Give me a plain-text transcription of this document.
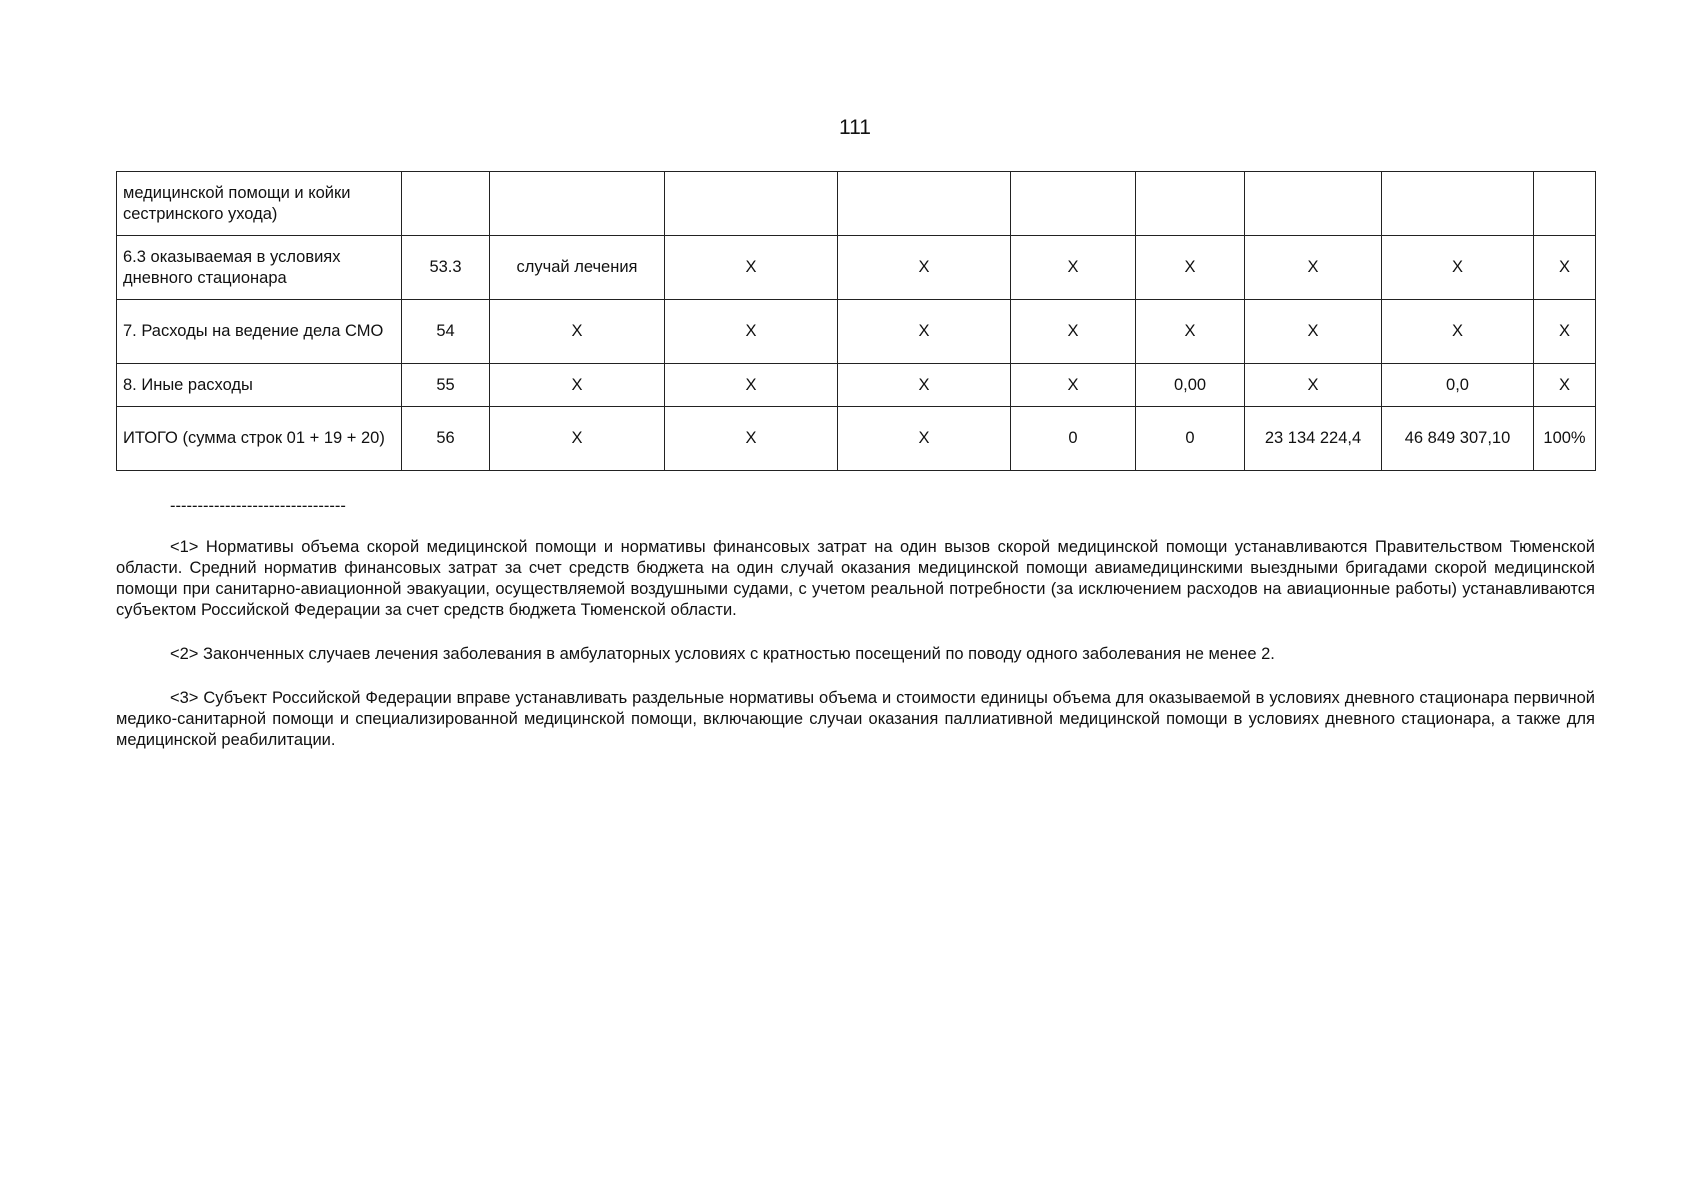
111
медицинской помощи и койки сестринского ухода)									
6.3 оказываемая в условиях дневного стационара	53.3	случай лечения	X	X	X	X	X	X	X
7. Расходы на ведение дела СМО	54	X	X	X	X	X	X	X	X
8. Иные расходы	55	X	X	X	X	0,00	X	0,0	X
ИТОГО (сумма строк 01 + 19 + 20)	56	X	X	X	0	0	23 134 224,4	46 849 307,10	100%
--------------------------------

<1> Нормативы объема скорой медицинской помощи и нормативы финансовых затрат на один вызов скорой медицинской помощи устанавливаются Правительством Тюменской области. Средний норматив финансовых затрат за счет средств бюджета на один случай оказания медицинской помощи авиамедицинскими выездными бригадами скорой медицинской помощи при санитарно-авиационной эвакуации, осуществляемой воздушными судами, с учетом реальной потребности (за исключением расходов на авиационные работы) устанавливаются субъектом Российской Федерации за счет средств бюджета Тюменской области.

<2> Законченных случаев лечения заболевания в амбулаторных условиях с кратностью посещений по поводу одного заболевания не менее 2.

<3> Субъект Российской Федерации вправе устанавливать раздельные нормативы объема и стоимости единицы объема для оказываемой в условиях дневного стационара первичной медико-санитарной помощи и специализированной медицинской помощи, включающие случаи оказания паллиативной медицинской помощи в условиях дневного стационара, а также для медицинской реабилитации.
